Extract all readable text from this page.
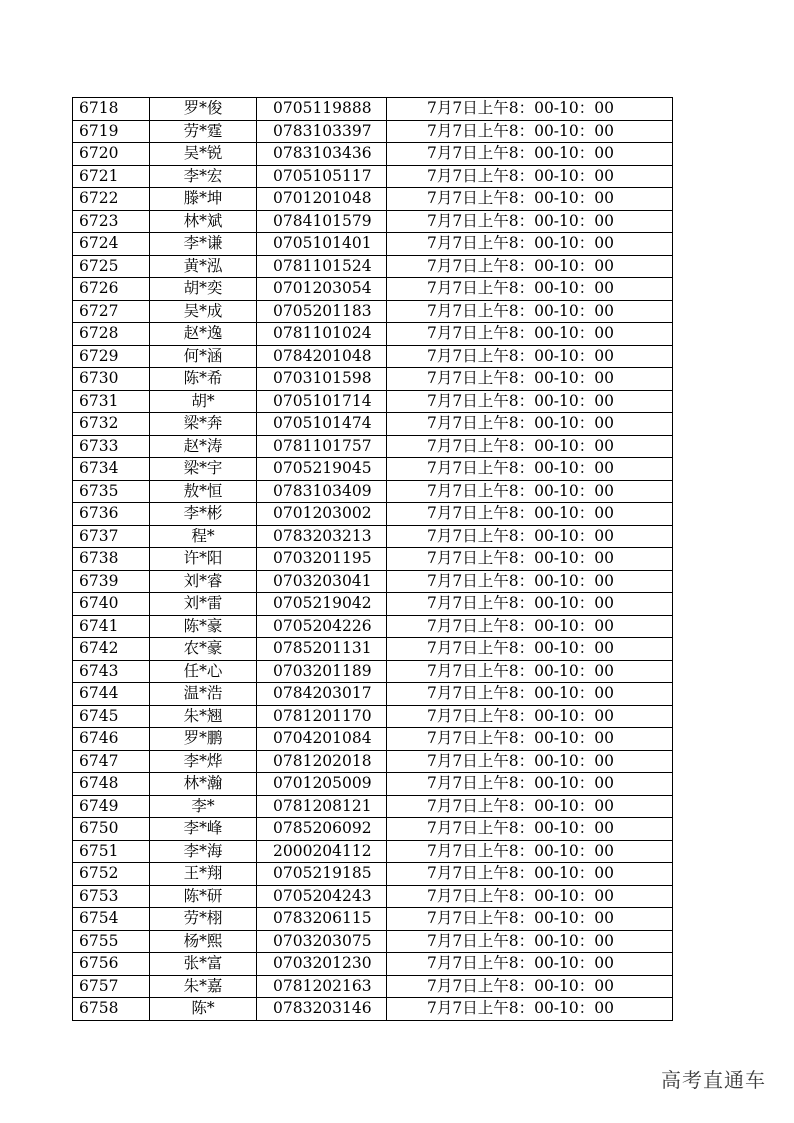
6718	罗*俊	0705119888	7月7日上午8：00-10：00
6719	劳*霆	0783103397	7月7日上午8：00-10：00
6720	吴*锐	0783103436	7月7日上午8：00-10：00
6721	李*宏	0705105117	7月7日上午8：00-10：00
6722	滕*坤	0701201048	7月7日上午8：00-10：00
6723	林*斌	0784101579	7月7日上午8：00-10：00
6724	李*谦	0705101401	7月7日上午8：00-10：00
6725	黄*泓	0781101524	7月7日上午8：00-10：00
6726	胡*奕	0701203054	7月7日上午8：00-10：00
6727	吴*成	0705201183	7月7日上午8：00-10：00
6728	赵*逸	0781101024	7月7日上午8：00-10：00
6729	何*涵	0784201048	7月7日上午8：00-10：00
6730	陈*希	0703101598	7月7日上午8：00-10：00
6731	胡*	0705101714	7月7日上午8：00-10：00
6732	梁*奔	0705101474	7月7日上午8：00-10：00
6733	赵*涛	0781101757	7月7日上午8：00-10：00
6734	梁*宇	0705219045	7月7日上午8：00-10：00
6735	敖*恒	0783103409	7月7日上午8：00-10：00
6736	李*彬	0701203002	7月7日上午8：00-10：00
6737	程*	0783203213	7月7日上午8：00-10：00
6738	许*阳	0703201195	7月7日上午8：00-10：00
6739	刘*睿	0703203041	7月7日上午8：00-10：00
6740	刘*雷	0705219042	7月7日上午8：00-10：00
6741	陈*豪	0705204226	7月7日上午8：00-10：00
6742	农*豪	0785201131	7月7日上午8：00-10：00
6743	任*心	0703201189	7月7日上午8：00-10：00
6744	温*浩	0784203017	7月7日上午8：00-10：00
6745	朱*翘	0781201170	7月7日上午8：00-10：00
6746	罗*鹏	0704201084	7月7日上午8：00-10：00
6747	李*烨	0781202018	7月7日上午8：00-10：00
6748	林*瀚	0701205009	7月7日上午8：00-10：00
6749	李*	0781208121	7月7日上午8：00-10：00
6750	李*峰	0785206092	7月7日上午8：00-10：00
6751	李*海	2000204112	7月7日上午8：00-10：00
6752	王*翔	0705219185	7月7日上午8：00-10：00
6753	陈*研	0705204243	7月7日上午8：00-10：00
6754	劳*栩	0783206115	7月7日上午8：00-10：00
6755	杨*熙	0703203075	7月7日上午8：00-10：00
6756	张*富	0703201230	7月7日上午8：00-10：00
6757	朱*嘉	0781202163	7月7日上午8：00-10：00
6758	陈*	0783203146	7月7日上午8：00-10：00
高考直通车
